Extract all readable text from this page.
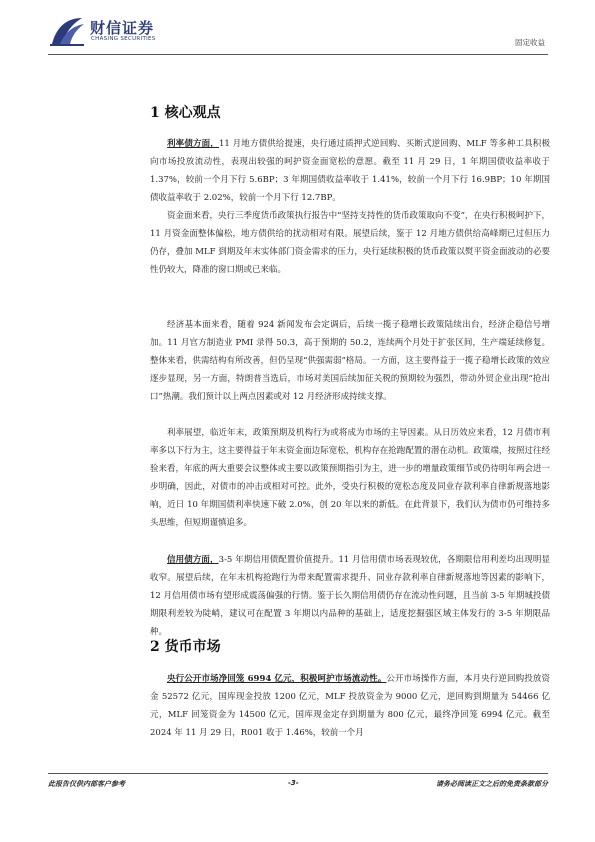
财信证券
CHASING SECURITIES	固定收益
1 核心观点

利率债方面，11 月地方债供给提速，央行通过质押式逆回购、买断式逆回购、MLF 等多种工具积极向市场投放流动性，表现出较强的呵护资金面宽松的意愿。截至 11 月 29 日，1 年期国债收益率收于 1.37%，较前一个月下行 5.6BP；3 年期国债收益率收于 1.41%，较前一个月下行 16.9BP；10 年期国债收益率收于 2.02%，较前一个月下行 12.7BP。

资金面来看，央行三季度货币政策执行报告中“坚持支持性的货币政策取向不变”，在央行积极呵护下，11 月资金面整体偏松，地方债供给的扰动相对有限。展望后续，鉴于 12 月地方债供给高峰期已过但压力仍存，叠加 MLF 到期及年末实体部门资金需求的压力，央行延续积极的货币政策以熨平资金面波动的必要性仍较大，降准的窗口期或已来临。

经济基本面来看，随着 924 新闻发布会定调后，后续一揽子稳增长政策陆续出台，经济企稳信号增加。11 月官方制造业 PMI 录得 50.3，高于预期的 50.2，连续两个月处于扩张区间，生产端延续修复。整体来看，供需结构有所改善，但仍呈现“供强需弱”格局。一方面，这主要得益于一揽子稳增长政策的效应逐步显现，另一方面，特朗普当选后，市场对美国后续加征关税的预期较为强烈，带动外贸企业出现“抢出口”热潮。我们预计以上两点因素或对 12 月经济形成持续支撑。

利率展望，临近年末，政策预期及机构行为或将成为市场的主导因素。从日历效应来看，12 月债市利率多以下行为主，这主要得益于年末资金面边际宽松，机构存在抢跑配置的潜在动机。政策端，按照过往经验来看，年底的两大重要会议整体或主要以政策预期指引为主，进一步的增量政策细节或仍待明年两会进一步明确，因此，对债市的冲击或相对可控。此外，受央行积极的宽松态度及同业存款利率自律新规落地影响，近日 10 年期国债利率快速下破 2.0%，创 20 年以来的新低。在此背景下，我们认为债市仍可维持多头思维，但短期谨慎追多。

信用债方面，3-5 年期信用债配置价值提升。11 月信用债市场表现较优，各期限信用利差均出现明显收窄。展望后续，在年末机构抢跑行为带来配置需求提升、同业存款利率自律新规落地等因素的影响下，12 月信用债市场有望形成震荡偏强的行情。鉴于长久期信用债仍存在流动性问题，且当前 3-5 年期城投债期限利差较为陡峭，建议可在配置 3 年期以内品种的基础上，适度挖掘强区域主体发行的 3-5 年期限品种。

2 货币市场

央行公开市场净回笼 6994 亿元，积极呵护市场流动性。公开市场操作方面，本月央行逆回购投放资金 52572 亿元，国库现金投放 1200 亿元，MLF 投放资金为 9000 亿元，逆回购到期量为 54466 亿元，MLF 回笼资金为 14500 亿元，国库现金定存到期量为 800 亿元，最终净回笼 6994 亿元。截至 2024 年 11 月 29 日，R001 收于 1.46%，较前一个月

此报告仅供内部客户参考	-3-	请务必阅读正文之后的免责条款部分
